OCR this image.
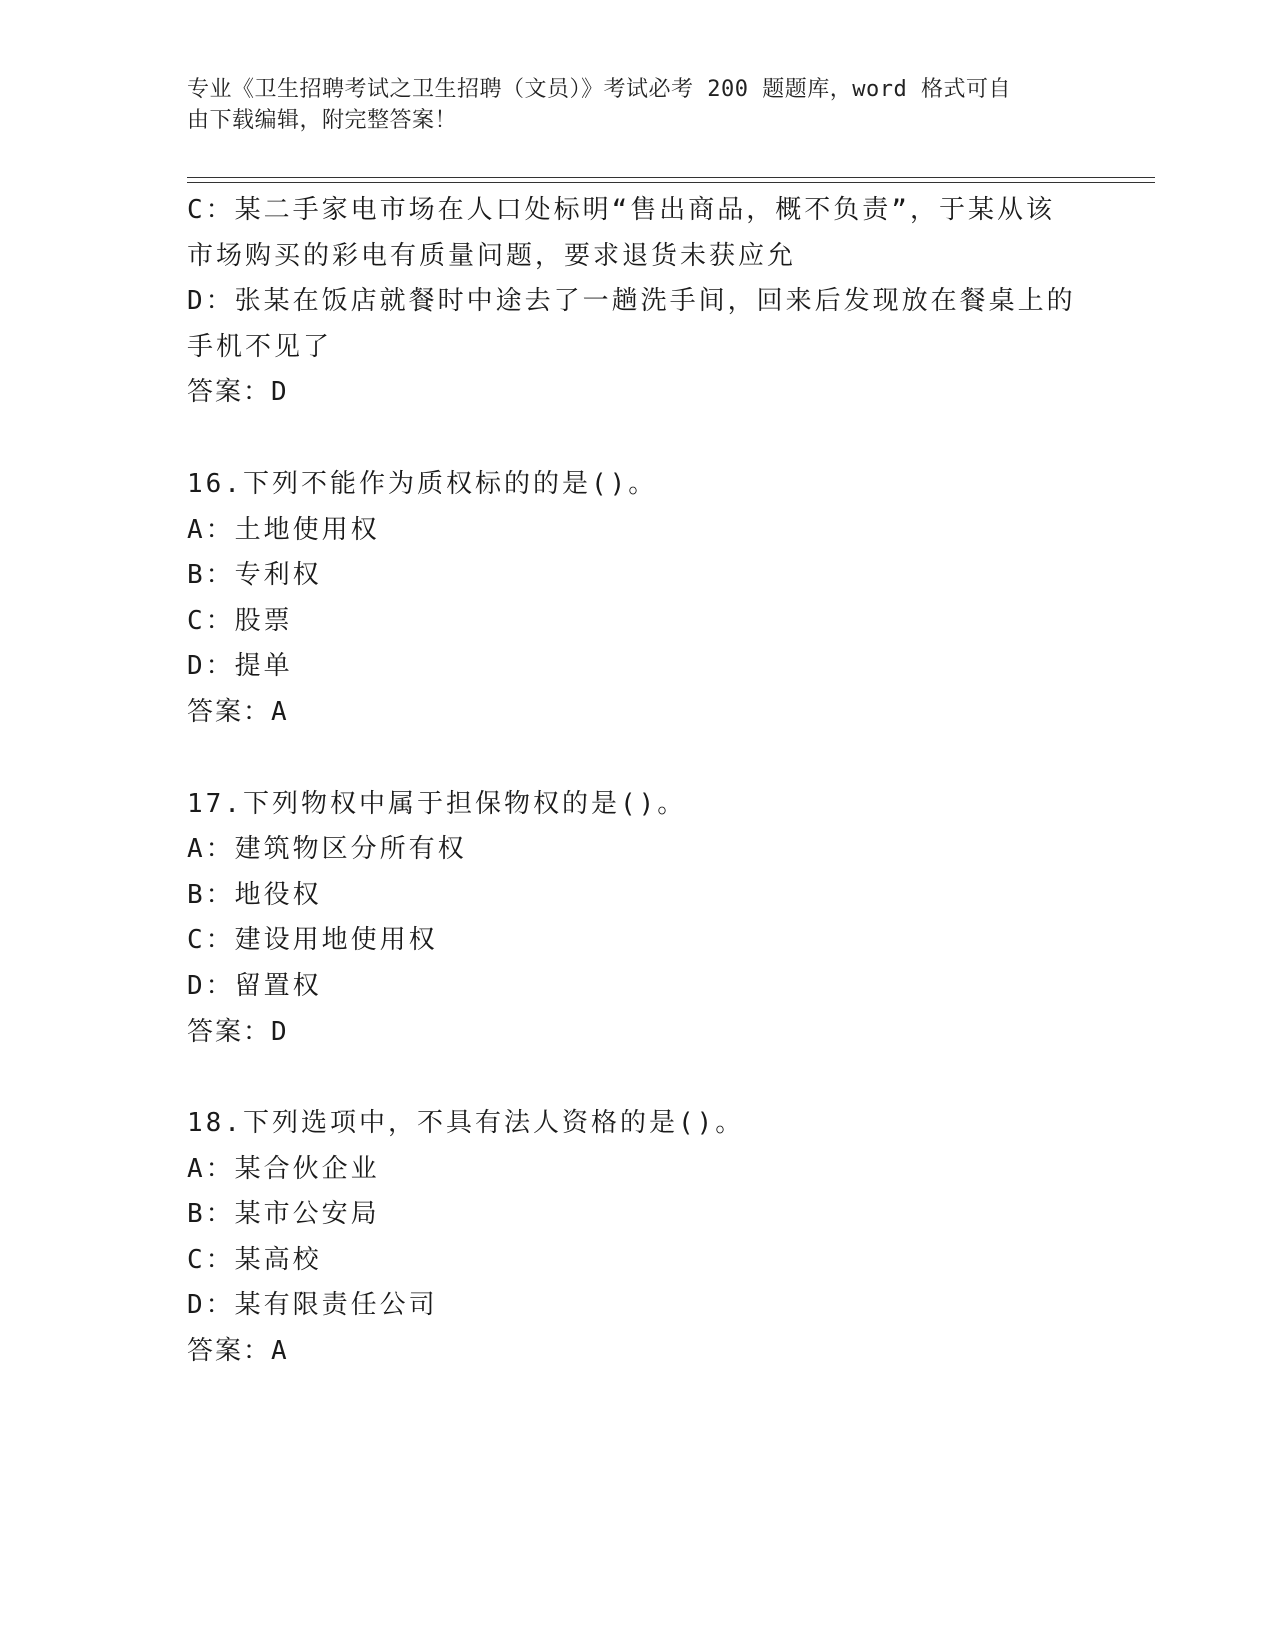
专业《卫生招聘考试之卫生招聘（文员）》考试必考 200 题题库，word 格式可自
由下载编辑，附完整答案！
C：某二手家电市场在人口处标明“售出商品，概不负责”，于某从该
市场购买的彩电有质量问题，要求退货未获应允
D：张某在饭店就餐时中途去了一趟洗手间，回来后发现放在餐桌上的
手机不见了
答案：D
16.下列不能作为质权标的的是()。
A：土地使用权
B：专利权
C：股票
D：提单
答案：A
17.下列物权中属于担保物权的是()。
A：建筑物区分所有权
B：地役权
C：建设用地使用权
D：留置权
答案：D
18.下列选项中，不具有法人资格的是()。
A：某合伙企业
B：某市公安局
C：某高校
D：某有限责任公司
答案：A
